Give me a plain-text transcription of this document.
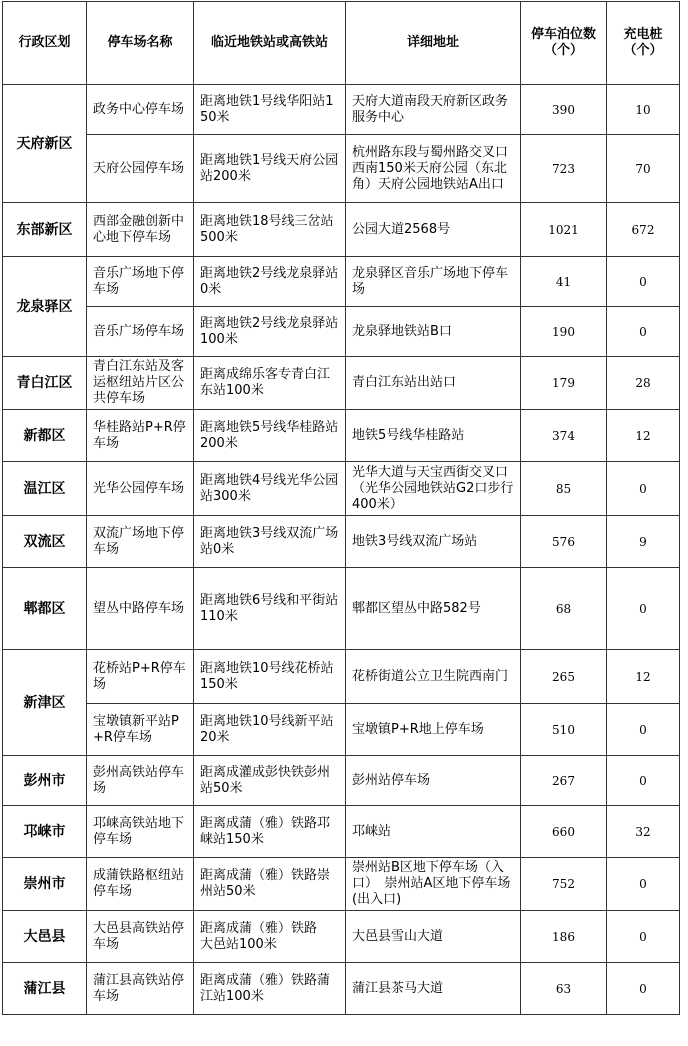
行政区划	停车场名称	临近地铁站或高铁站	详细地址	停车泊位数（个）	充电桩（个）
天府新区	政务中心停车场	距离地铁1号线华阳站150米	天府大道南段天府新区政务服务中心	390	10
	天府公园停车场	距离地铁1号线天府公园站200米	杭州路东段与蜀州路交叉口西南150米天府公园（东北角）天府公园地铁站A出口	723	70
东部新区	西部金融创新中心地下停车场	距离地铁18号线三岔站500米	公园大道2568号	1021	672
龙泉驿区	音乐广场地下停车场	距离地铁2号线龙泉驿站0米	龙泉驿区音乐广场地下停车场	41	0
	音乐广场停车场	距离地铁2号线龙泉驿站100米	龙泉驿地铁站B口	190	0
青白江区	青白江东站及客运枢纽站片区公共停车场	距离成绵乐客专青白江东站100米	青白江东站出站口	179	28
新都区	华桂路站P+R停车场	距离地铁5号线华桂路站200米	地铁5号线华桂路站	374	12
温江区	光华公园停车场	距离地铁4号线光华公园站300米	光华大道与天宝西街交叉口（光华公园地铁站G2口步行400米）	85	0
双流区	双流广场地下停车场	距离地铁3号线双流广场站0米	地铁3号线双流广场站	576	9
郫都区	望丛中路停车场	距离地铁6号线和平街站110米	郫都区望丛中路582号	68	0
新津区	花桥站P+R停车场	距离地铁10号线花桥站150米	花桥街道公立卫生院西南门	265	12
	宝墩镇新平站P+R停车场	距离地铁10号线新平站20米	宝墩镇P+R地上停车场	510	0
彭州市	彭州高铁站停车场	距离成灌成彭快铁彭州站50米	彭州站停车场	267	0
邛崃市	邛崃高铁站地下停车场	距离成蒲（雅）铁路邛崃站150米	邛崃站	660	32
崇州市	成蒲铁路枢纽站停车场	距离成蒲（雅）铁路崇州站50米	崇州站B区地下停车场（入口）　崇州站A区地下停车场(出入口)	752	0
大邑县	大邑县高铁站停车场	距离成蒲（雅）铁路　　大邑站100米	大邑县雪山大道	186	0
蒲江县	蒲江县高铁站停车场	距离成蒲（雅）铁路蒲江站100米	蒲江县茶马大道	63	0
